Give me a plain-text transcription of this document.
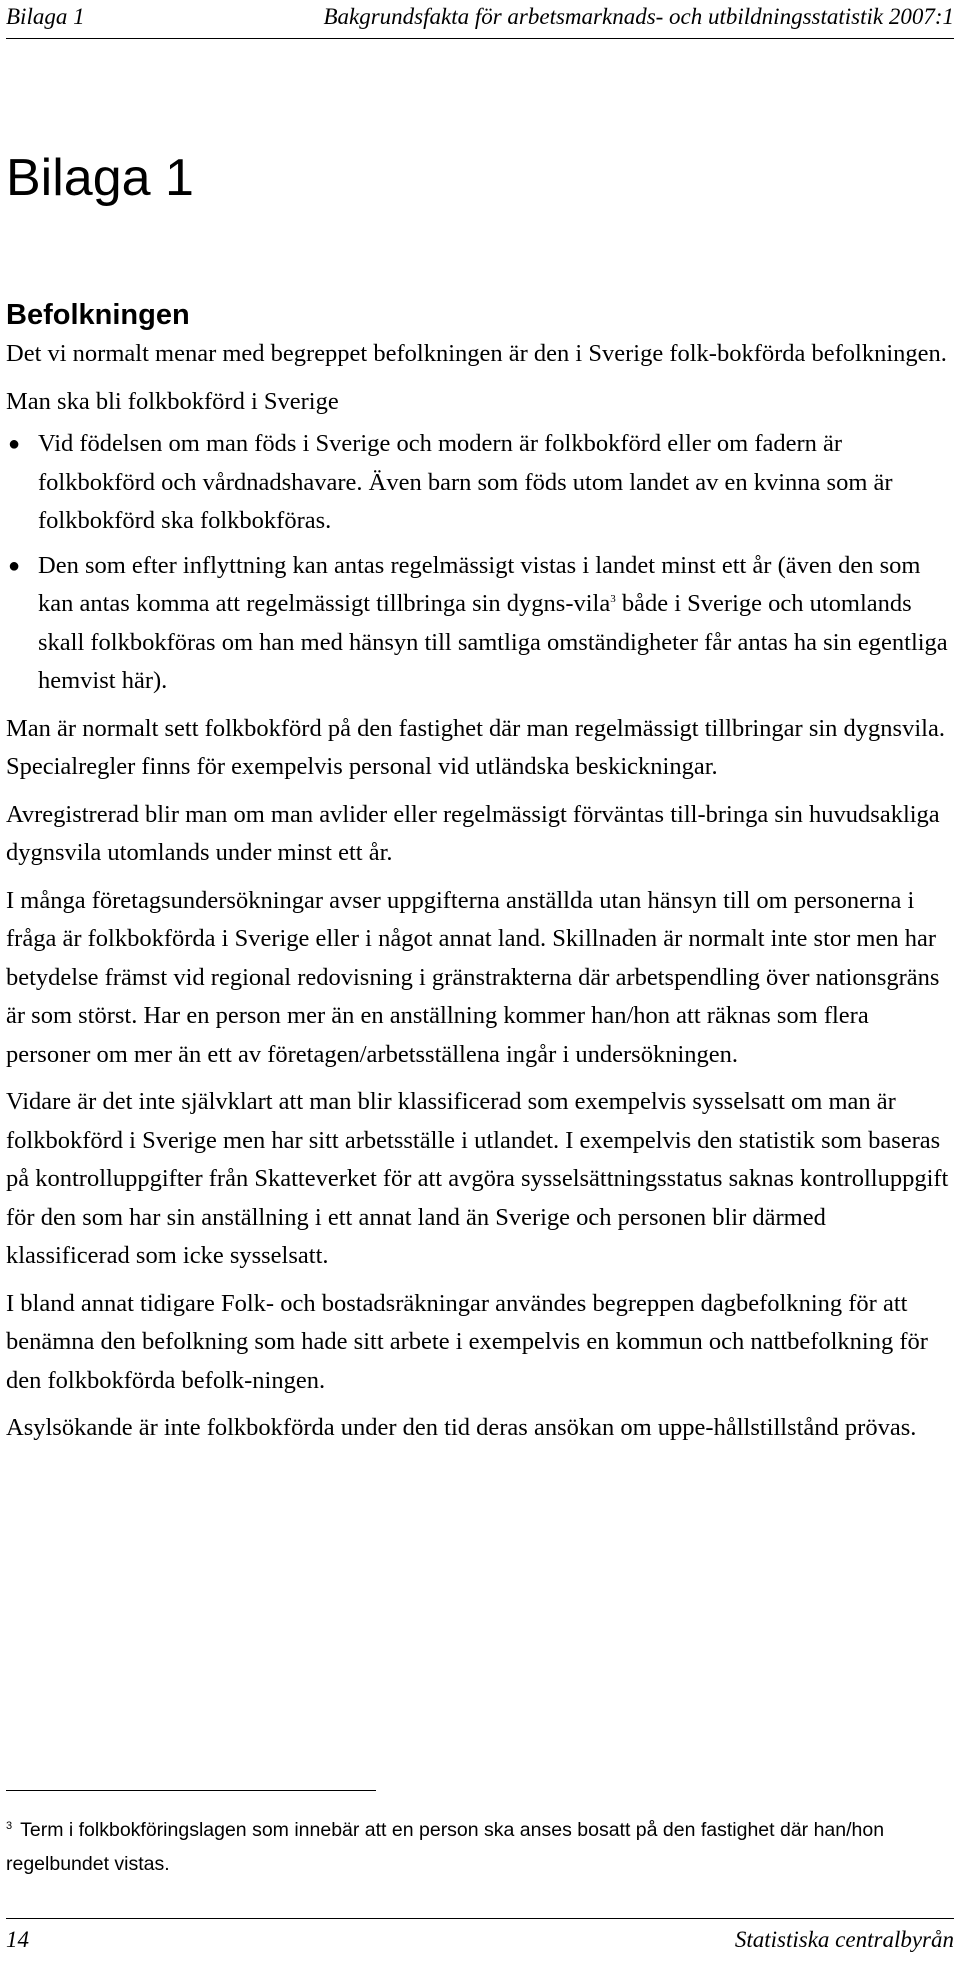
Bilaga 1	Bakgrundsfakta för arbetsmarknads- och utbildningsstatistik 2007:1
Bilaga 1
Befolkningen

Det vi normalt menar med begreppet befolkningen är den i Sverige folk-bokförda befolkningen.

Man ska bli folkbokförd i Sverige

● Vid födelsen om man föds i Sverige och modern är folkbokförd eller om fadern är folkbokförd och vårdnadshavare. Även barn som föds utom landet av en kvinna som är folkbokförd ska folkbokföras.
● Den som efter inflyttning kan antas regelmässigt vistas i landet minst ett år (även den som kan antas komma att regelmässigt tillbringa sin dygns-vila$^3$ både i Sverige och utomlands skall folkbokföras om han med hänsyn till samtliga omständigheter får antas ha sin egentliga hemvist här).

Man är normalt sett folkbokförd på den fastighet där man regelmässigt tillbringar sin dygnsvila. Specialregler finns för exempelvis personal vid utländska beskickningar.

Avregistrerad blir man om man avlider eller regelmässigt förväntas till-bringa sin huvudsakliga dygnsvila utomlands under minst ett år.

I många företagsundersökningar avser uppgifterna anställda utan hänsyn till om personerna i fråga är folkbokförda i Sverige eller i något annat land. Skillnaden är normalt inte stor men har betydelse främst vid regional redovisning i gränstrakterna där arbetspendling över nationsgräns är som störst. Har en person mer än en anställning kommer han/hon att räknas som flera personer om mer än ett av företagen/arbetsställena ingår i undersökningen.

Vidare är det inte självklart att man blir klassificerad som exempelvis sysselsatt om man är folkbokförd i Sverige men har sitt arbetsställe i utlandet. I exempelvis den statistik som baseras på kontrolluppgifter från Skatteverket för att avgöra sysselsättningsstatus saknas kontrolluppgift för den som har sin anställning i ett annat land än Sverige och personen blir därmed klassificerad som icke sysselsatt.

I bland annat tidigare Folk- och bostadsräkningar användes begreppen dagbefolkning för att benämna den befolkning som hade sitt arbete i exempelvis en kommun och nattbefolkning för den folkbokförda befolk-ningen.

Asylsökande är inte folkbokförda under den tid deras ansökan om uppe-hållstillstånd prövas.

$^3$ Term i folkbokföringslagen som innebär att en person ska anses bosatt på den fastighet där han/hon regelbundet vistas.
14	Statistiska centralbyrån
